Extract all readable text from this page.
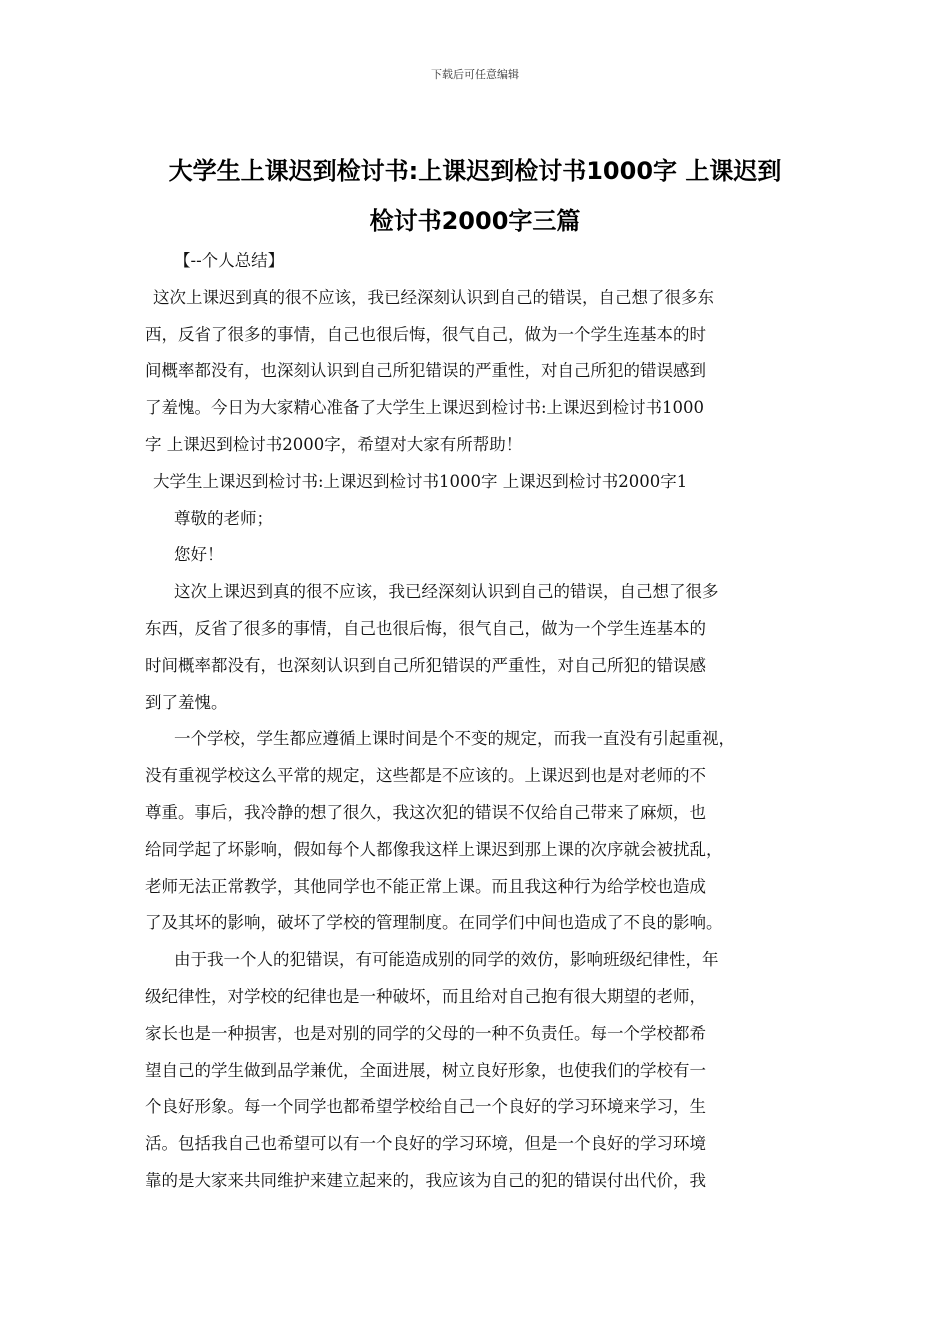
下载后可任意编辑
大学生上课迟到检讨书:上课迟到检讨书1000字 上课迟到
检讨书2000字三篇

【--个人总结】

这次上课迟到真的很不应该，我已经深刻认识到自己的错误，自己想了很多东

西，反省了很多的事情，自己也很后悔，很气自己，做为一个学生连基本的时

间概率都没有，也深刻认识到自己所犯错误的严重性，对自己所犯的错误感到

了羞愧。今日为大家精心准备了大学生上课迟到检讨书:上课迟到检讨书1000

字 上课迟到检讨书2000字，希望对大家有所帮助！

大学生上课迟到检讨书:上课迟到检讨书1000字 上课迟到检讨书2000字1

尊敬的老师；

您好！

这次上课迟到真的很不应该，我已经深刻认识到自己的错误，自己想了很多

东西，反省了很多的事情，自己也很后悔，很气自己，做为一个学生连基本的

时间概率都没有，也深刻认识到自己所犯错误的严重性，对自己所犯的错误感

到了羞愧。

一个学校，学生都应遵循上课时间是个不变的规定，而我一直没有引起重视，

没有重视学校这么平常的规定，这些都是不应该的。上课迟到也是对老师的不

尊重。事后，我冷静的想了很久，我这次犯的错误不仅给自己带来了麻烦，也

给同学起了坏影响，假如每个人都像我这样上课迟到那上课的次序就会被扰乱，

老师无法正常教学，其他同学也不能正常上课。而且我这种行为给学校也造成

了及其坏的影响，破坏了学校的管理制度。在同学们中间也造成了不良的影响。

由于我一个人的犯错误，有可能造成别的同学的效仿，影响班级纪律性，年

级纪律性，对学校的纪律也是一种破坏，而且给对自己抱有很大期望的老师，

家长也是一种损害，也是对别的同学的父母的一种不负责任。每一个学校都希

望自己的学生做到品学兼优，全面进展，树立良好形象，也使我们的学校有一

个良好形象。每一个同学也都希望学校给自己一个良好的学习环境来学习，生

活。包括我自己也希望可以有一个良好的学习环境，但是一个良好的学习环境

靠的是大家来共同维护来建立起来的，我应该为自己的犯的错误付出代价，我
